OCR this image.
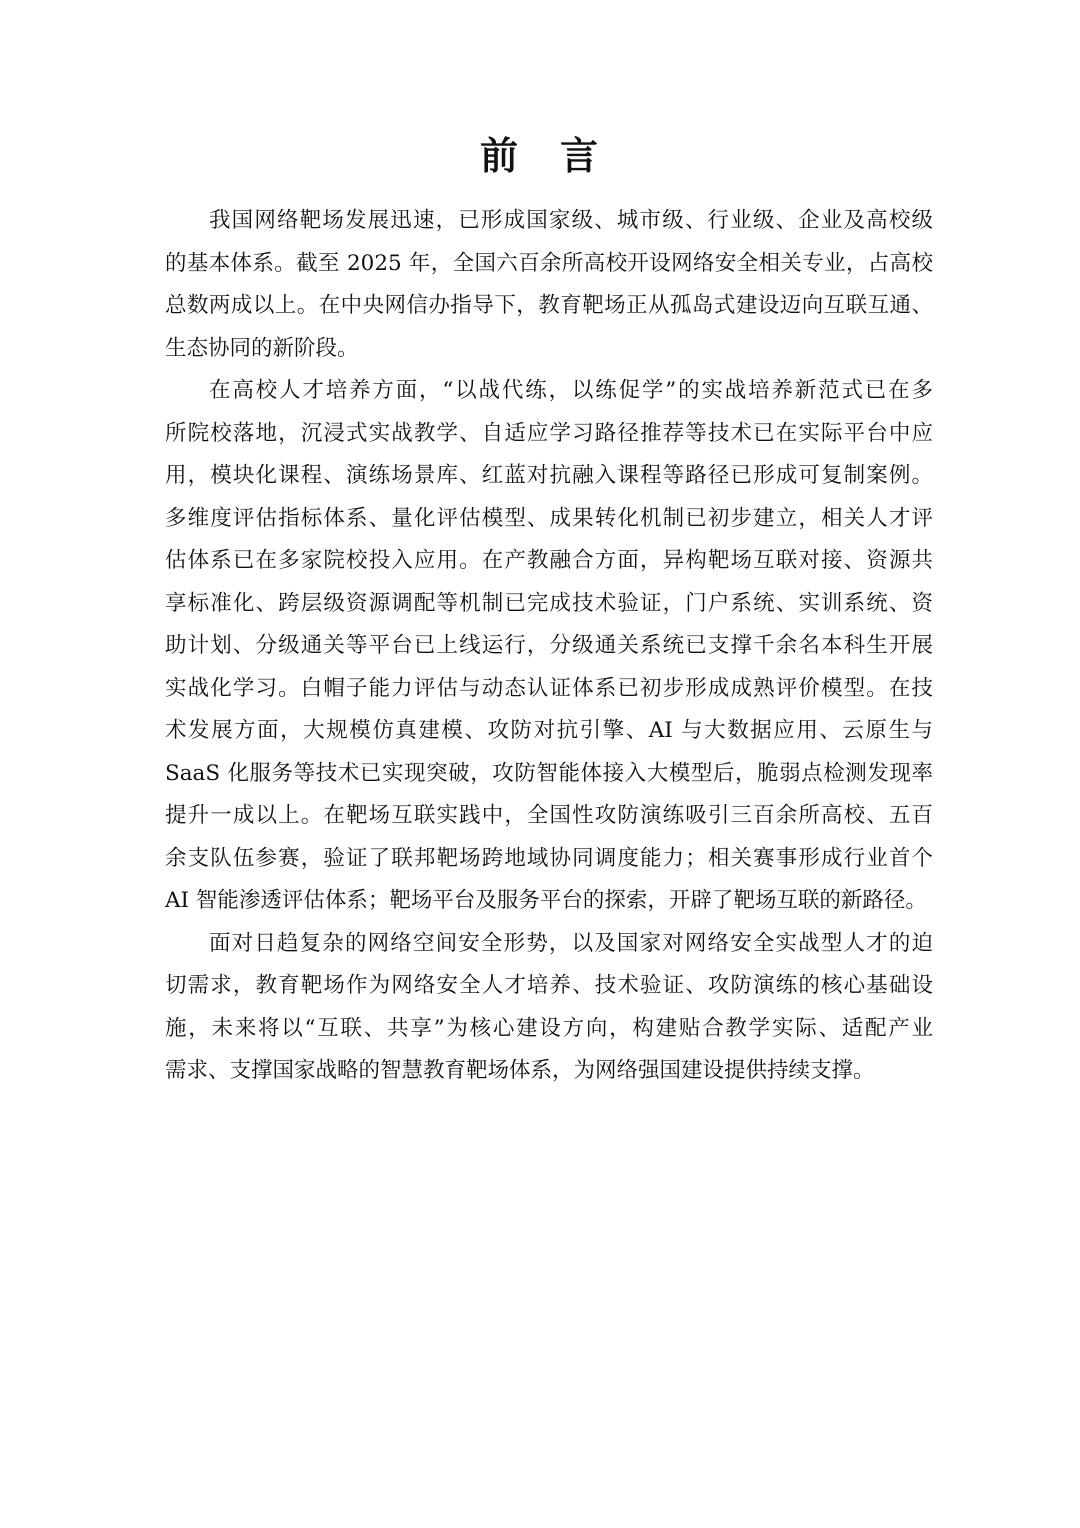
前　言
我国网络靶场发展迅速，已形成国家级、城市级、行业级、企业及高校级
的基本体系。截至 2025 年，全国六百余所高校开设网络安全相关专业，占高校
总数两成以上。在中央网信办指导下，教育靶场正从孤岛式建设迈向互联互通、
生态协同的新阶段。
在高校人才培养方面，“以战代练，以练促学”的实战培养新范式已在多
所院校落地，沉浸式实战教学、自适应学习路径推荐等技术已在实际平台中应
用，模块化课程、演练场景库、红蓝对抗融入课程等路径已形成可复制案例。
多维度评估指标体系、量化评估模型、成果转化机制已初步建立，相关人才评
估体系已在多家院校投入应用。在产教融合方面，异构靶场互联对接、资源共
享标准化、跨层级资源调配等机制已完成技术验证，门户系统、实训系统、资
助计划、分级通关等平台已上线运行，分级通关系统已支撑千余名本科生开展
实战化学习。白帽子能力评估与动态认证体系已初步形成成熟评价模型。在技
术发展方面，大规模仿真建模、攻防对抗引擎、AI 与大数据应用、云原生与
SaaS 化服务等技术已实现突破，攻防智能体接入大模型后，脆弱点检测发现率
提升一成以上。在靶场互联实践中，全国性攻防演练吸引三百余所高校、五百
余支队伍参赛，验证了联邦靶场跨地域协同调度能力；相关赛事形成行业首个
AI 智能渗透评估体系；靶场平台及服务平台的探索，开辟了靶场互联的新路径。
面对日趋复杂的网络空间安全形势，以及国家对网络安全实战型人才的迫
切需求，教育靶场作为网络安全人才培养、技术验证、攻防演练的核心基础设
施，未来将以“互联、共享”为核心建设方向，构建贴合教学实际、适配产业
需求、支撑国家战略的智慧教育靶场体系，为网络强国建设提供持续支撑。
